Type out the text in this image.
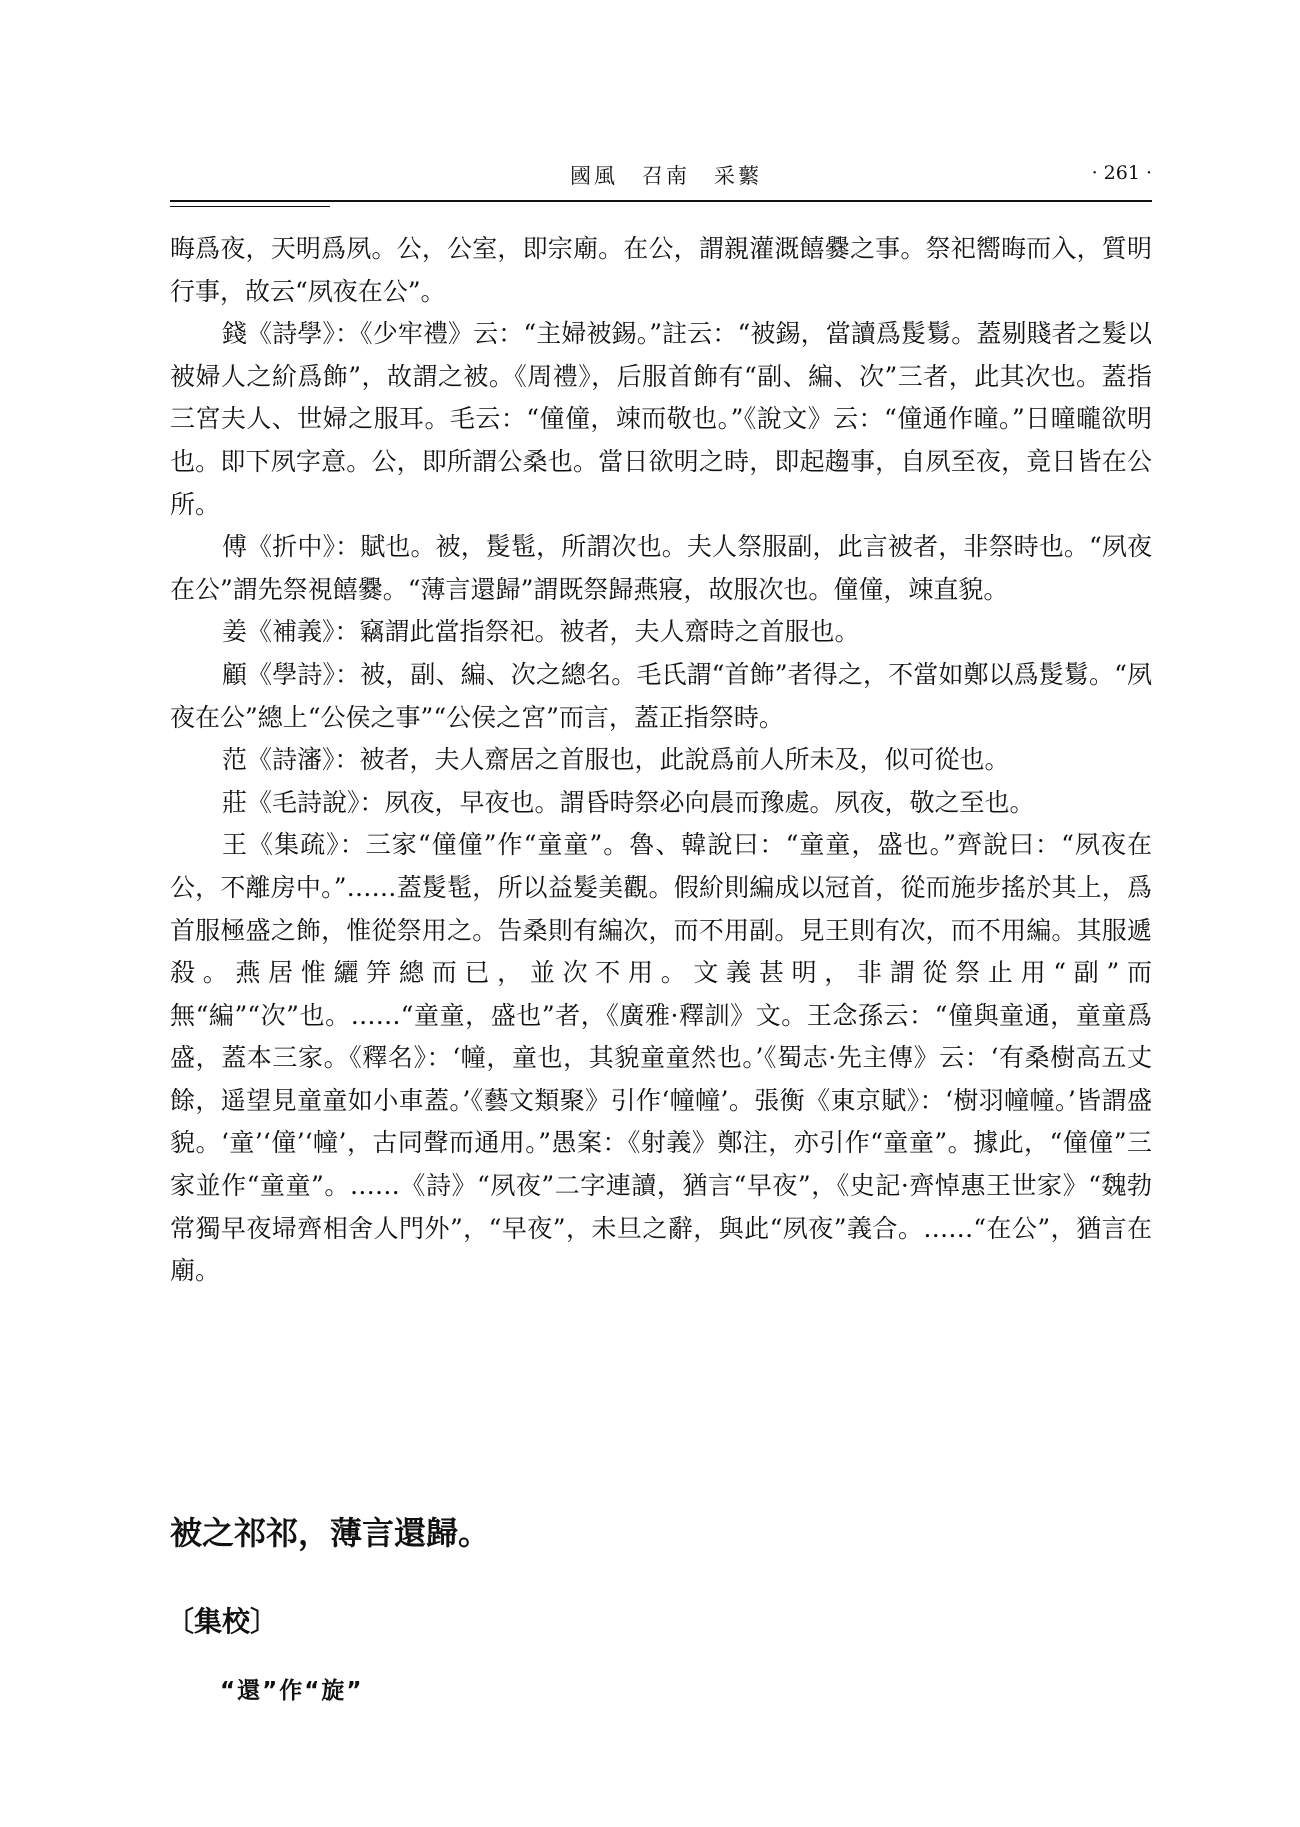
國風　召南　采蘩	· 261 ·

晦爲夜，天明爲夙。公，公室，即宗廟。在公，謂親灌溉饎爨之事。祭祀嚮晦而入，質明行事，故云“夙夜在公”。

錢《詩學》：《少牢禮》云：“主婦被錫。”註云：“被錫，當讀爲髲鬄。蓋剔賤者之髮以被婦人之紒爲飾”，故謂之被。《周禮》，后服首飾有“副、編、次”三者，此其次也。蓋指三宮夫人、世婦之服耳。毛云：“僮僮，竦而敬也。”《說文》云：“僮通作曈。”日曈曨欲明也。即下夙字意。公，即所謂公桑也。當日欲明之時，即起趨事，自夙至夜，竟日皆在公所。

傅《折中》：賦也。被，髲髢，所謂次也。夫人祭服副，此言被者，非祭時也。“夙夜在公”謂先祭視饎爨。“薄言還歸”謂既祭歸燕寢，故服次也。僮僮，竦直貌。

姜《補義》：竊謂此當指祭祀。被者，夫人齋時之首服也。

顧《學詩》：被，副、編、次之總名。毛氏謂“首飾”者得之，不當如鄭以爲髲鬄。“夙夜在公”總上“公侯之事”“公侯之宮”而言，蓋正指祭時。

范《詩瀋》：被者，夫人齋居之首服也，此說爲前人所未及，似可從也。

莊《毛詩說》：夙夜，早夜也。謂昏時祭必向晨而豫處。夙夜，敬之至也。

王《集疏》：三家“僮僮”作“童童”。魯、韓說曰：“童童，盛也。”齊說曰：“夙夜在公，不離房中。”……蓋髲髢，所以益髮美觀。假紒則編成以冠首，從而施步搖於其上，爲首服極盛之飾，惟從祭用之。告桑則有編次，而不用副。見王則有次，而不用編。其服遞殺。燕居惟纚笄總而已，並次不用。文義甚明，非謂從祭止用“副”而無“編”“次”也。……“童童，盛也”者，《廣雅·釋訓》文。王念孫云：“僮與童通，童童爲盛，蓋本三家。《釋名》：‘幢，童也，其貌童童然也。’《蜀志·先主傳》云：‘有桑樹高五丈餘，遥望見童童如小車蓋。’《藝文類聚》引作‘幢幢’。張衡《東京賦》：‘樹羽幢幢。’皆謂盛貌。‘童’‘僮’‘幢’，古同聲而通用。”愚案：《射義》鄭注，亦引作“童童”。據此，“僮僮”三家並作“童童”。……《詩》“夙夜”二字連讀，猶言“早夜”，《史記·齊悼惠王世家》“魏勃常獨早夜埽齊相舍人門外”，“早夜”，未旦之辭，與此“夙夜”義合。……“在公”，猶言在廟。

被之祁祁，薄言還歸。
〔集校〕
“還”作“旋”
